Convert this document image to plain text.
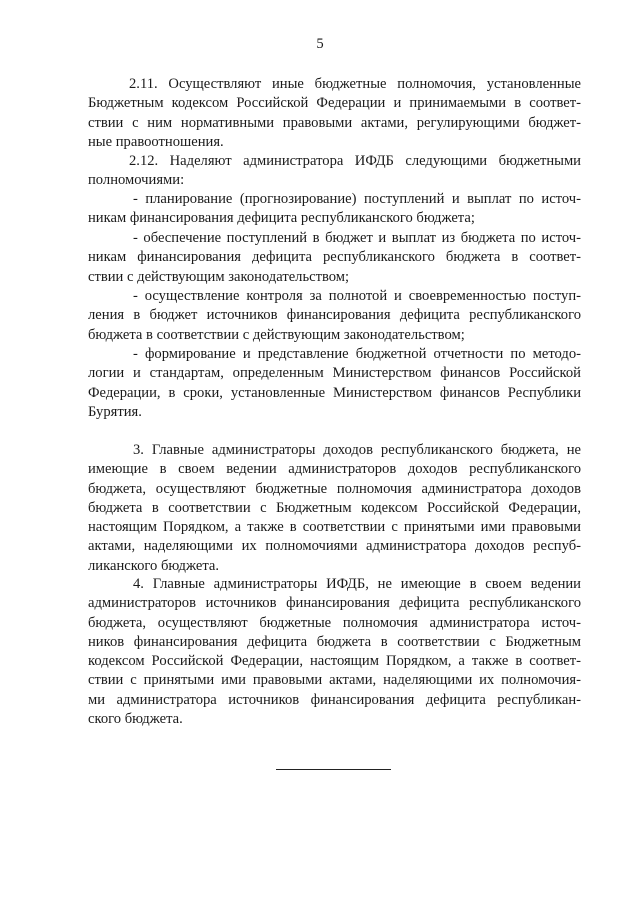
5
2.11. Осуществляют иные бюджетные полномочия, установленные
Бюджетным кодексом Российской Федерации и принимаемыми в соответ-
ствии с ним нормативными правовыми актами, регулирующими бюджет-
ные правоотношения.
2.12. Наделяют администратора ИФДБ следующими бюджетными
полномочиями:
- планирование (прогнозирование) поступлений и выплат по источ-
никам финансирования дефицита республиканского бюджета;
- обеспечение поступлений в бюджет и выплат из бюджета по источ-
никам финансирования дефицита республиканского бюджета в соответ-
ствии с действующим законодательством;
- осуществление контроля за полнотой и своевременностью поступ-
ления в бюджет источников финансирования дефицита республиканского
бюджета в соответствии с действующим законодательством;
- формирование и представление бюджетной отчетности по методо-
логии и стандартам, определенным Министерством финансов Российской
Федерации, в сроки, установленные Министерством финансов Республики
Бурятия.
3. Главные администраторы доходов республиканского бюджета, не
имеющие в своем ведении администраторов доходов республиканского
бюджета, осуществляют бюджетные полномочия администратора доходов
бюджета в соответствии с Бюджетным кодексом Российской Федерации,
настоящим Порядком, а также в соответствии с принятыми ими правовыми
актами, наделяющими их полномочиями администратора доходов респуб-
ликанского бюджета.
4. Главные администраторы ИФДБ, не имеющие в своем ведении
администраторов источников финансирования дефицита республиканского
бюджета, осуществляют бюджетные полномочия администратора источ-
ников финансирования дефицита бюджета в соответствии с Бюджетным
кодексом Российской Федерации, настоящим Порядком, а также в соответ-
ствии с принятыми ими правовыми актами, наделяющими их полномочия-
ми администратора источников финансирования дефицита республикан-
ского бюджета.
